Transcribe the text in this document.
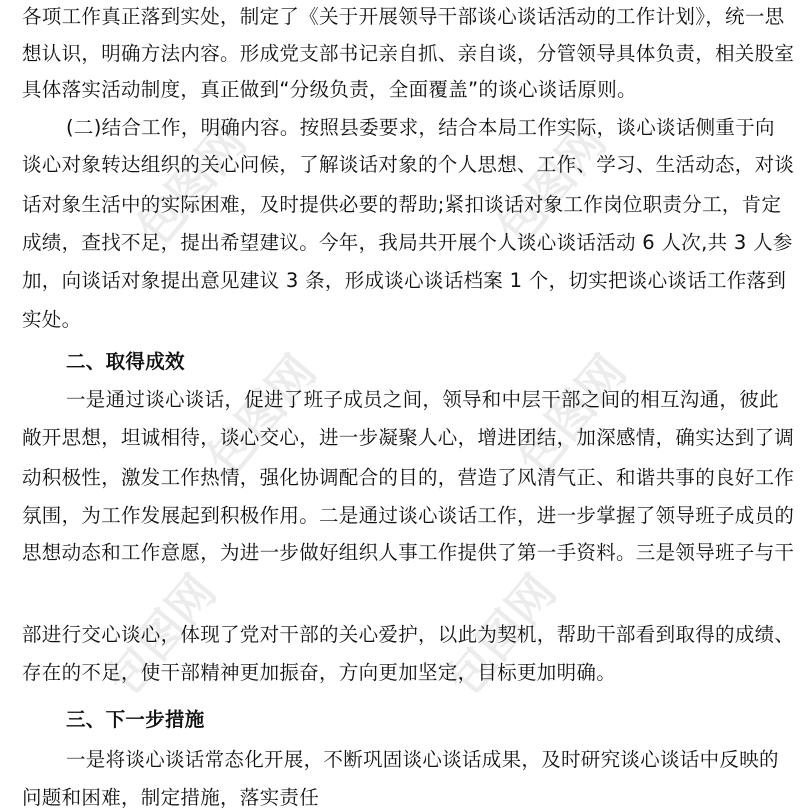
包图网	包图网
包图网
包图网	包图网
包图网
各项工作真正落到实处，制定了《关于开展领导干部谈心谈话活动的工作计划》，统一思
想认识，明确方法内容。形成党支部书记亲自抓、亲自谈，分管领导具体负责，相关股室
具体落实活动制度，真正做到“分级负责，全面覆盖”的谈心谈话原则。
(二)结合工作，明确内容。按照县委要求，结合本局工作实际，谈心谈话侧重于向
谈心对象转达组织的关心问候，了解谈话对象的个人思想、工作、学习、生活动态，对谈
话对象生活中的实际困难，及时提供必要的帮助;紧扣谈话对象工作岗位职责分工，肯定
成绩，查找不足，提出希望建议。今年，我局共开展个人谈心谈话活动 6 人次,共 3 人参
加，向谈话对象提出意见建议 3 条，形成谈心谈话档案 1 个，切实把谈心谈话工作落到
实处。
二、取得成效
一是通过谈心谈话，促进了班子成员之间，领导和中层干部之间的相互沟通，彼此
敞开思想，坦诚相待，谈心交心，进一步凝聚人心，增进团结，加深感情，确实达到了调
动积极性，激发工作热情，强化协调配合的目的，营造了风清气正、和谐共事的良好工作
氛围，为工作发展起到积极作用。二是通过谈心谈话工作，进一步掌握了领导班子成员的
思想动态和工作意愿，为进一步做好组织人事工作提供了第一手资料。三是领导班子与干
部进行交心谈心，体现了党对干部的关心爱护，以此为契机，帮助干部看到取得的成绩、
存在的不足，使干部精神更加振奋，方向更加坚定，目标更加明确。
三、下一步措施
一是将谈心谈话常态化开展，不断巩固谈心谈话成果，及时研究谈心谈话中反映的
问题和困难，制定措施，落实责任
